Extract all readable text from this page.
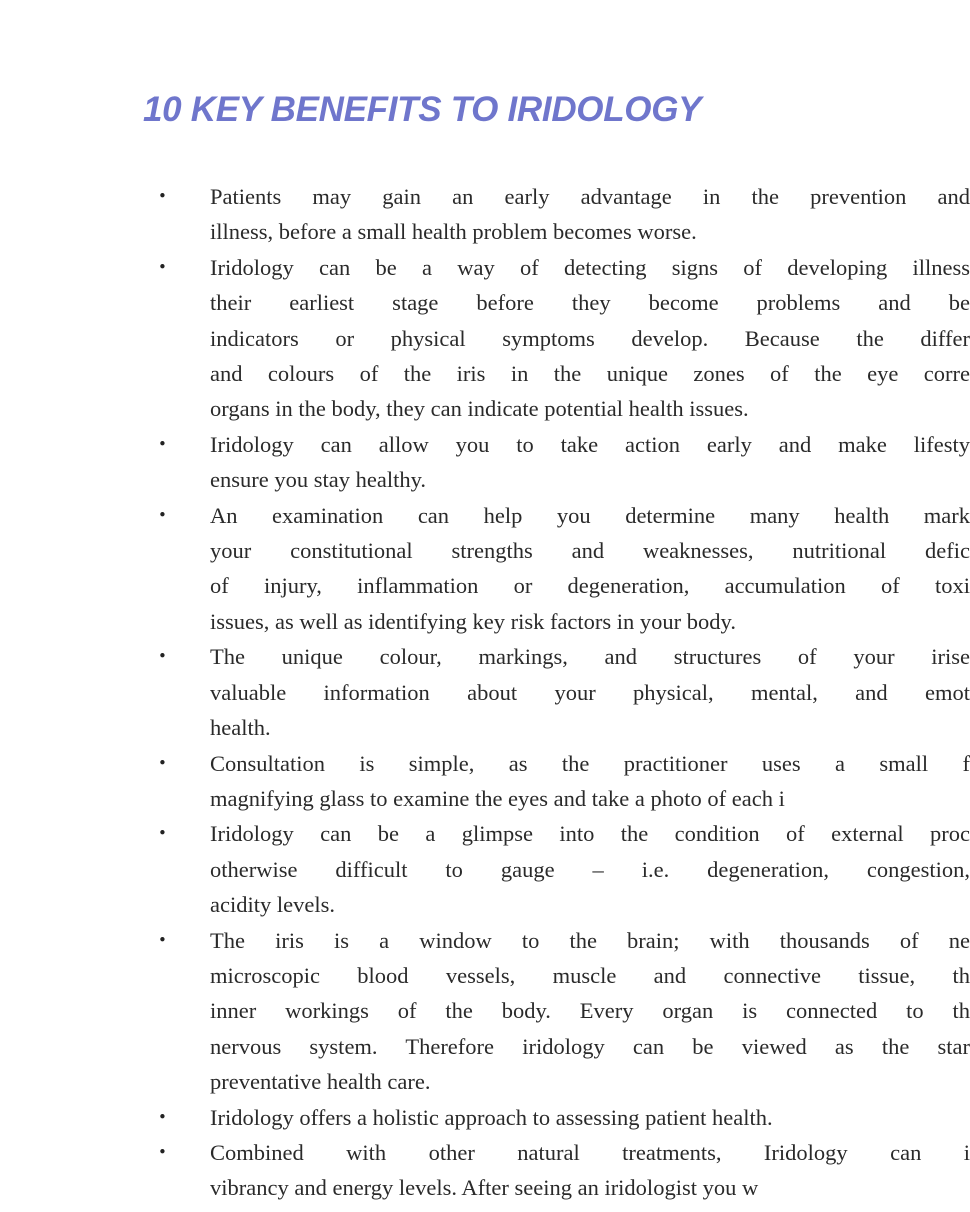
10 KEY BENEFITS TO IRIDOLOGY
• Patients may gain an early advantage in the prevention and
illness, before a small health problem becomes worse.
• Iridology can be a way of detecting signs of developing illness
their earliest stage before they become problems and be
indicators or physical symptoms develop. Because the differ
and colours of the iris in the unique zones of the eye corre
organs in the body, they can indicate potential health issues.
• Iridology can allow you to take action early and make lifesty
ensure you stay healthy.
• An examination can help you determine many health mark
your constitutional strengths and weaknesses, nutritional defic
of injury, inflammation or degeneration, accumulation of toxi
issues, as well as identifying key risk factors in your body.
• The unique colour, markings, and structures of your irise
valuable information about your physical, mental, and emot
health.
• Consultation is simple, as the practitioner uses a small f
magnifying glass to examine the eyes and take a photo of each i
• Iridology can be a glimpse into the condition of external proc
otherwise difficult to gauge – i.e. degeneration, congestion,
acidity levels.
• The iris is a window to the brain; with thousands of ne
microscopic blood vessels, muscle and connective tissue, th
inner workings of the body. Every organ is connected to th
nervous system. Therefore iridology can be viewed as the star
preventative health care.
• Iridology offers a holistic approach to assessing patient health.
• Combined with other natural treatments, Iridology can i
vibrancy and energy levels. After seeing an iridologist you w
